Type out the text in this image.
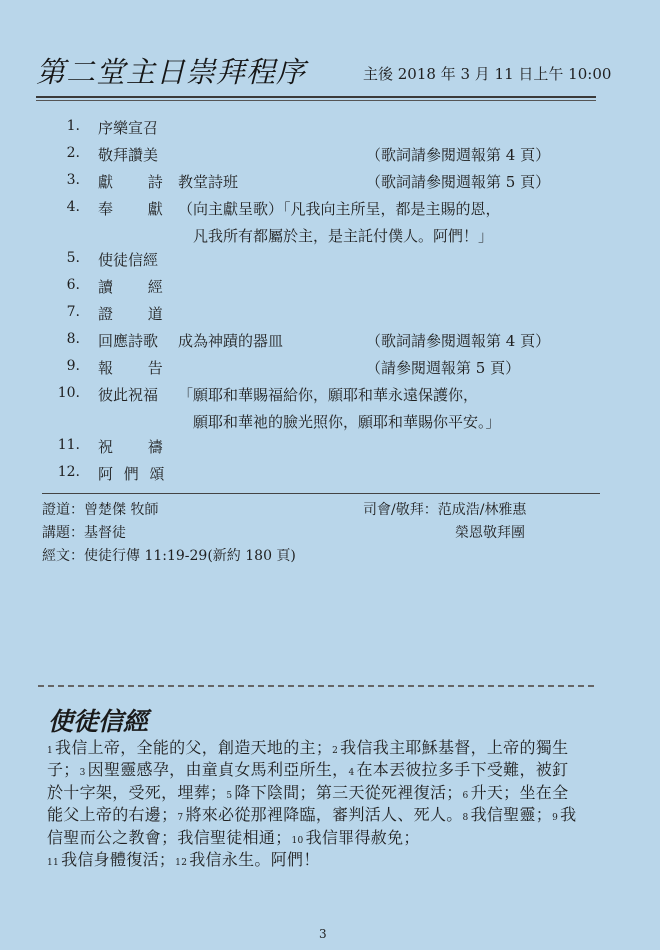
第二堂主日崇拜程序	主後 2018 年 3 月 11 日上午 10:00
1. 序樂宣召
2. 敬拜讚美	（歌詞請參閱週報第 4 頁）
3. 獻 詩 教堂詩班	（歌詞請參閱週報第 5 頁）
4. 奉 獻 （向主獻呈歌）「凡我向主所呈，都是主賜的恩，
凡我所有都屬於主，是主託付僕人。阿們！」
5. 使徒信經
6. 讀 經
7. 證 道
8. 回應詩歌 成為神蹟的器皿	（歌詞請參閱週報第 4 頁）
9. 報 告	（請參閱週報第 5 頁）
10. 彼此祝福 「願耶和華賜福給你，願耶和華永遠保護你，
願耶和華祂的臉光照你，願耶和華賜你平安。」
11. 祝 禱
12. 阿 們 頌
證道：曾楚傑 牧師
講題：基督徒
經文：使徒行傳 11:19-29(新約 180 頁)
司會/敬拜：范成浩/林雅惠
榮恩敬拜團
使徒信經
1 我信上帝，全能的父，創造天地的主；2 我信我主耶穌基督，上帝的獨生
子；3 因聖靈感孕，由童貞女馬利亞所生，4 在本丟彼拉多手下受難，被釘
於十字架，受死，埋葬；5 降下陰間；第三天從死裡復活；6 升天；坐在全
能父上帝的右邊；7 將來必從那裡降臨，審判活人、死人。8 我信聖靈；9 我
信聖而公之教會；我信聖徒相通；10 我信罪得赦免；
11 我信身體復活；12 我信永生。阿們！
3
